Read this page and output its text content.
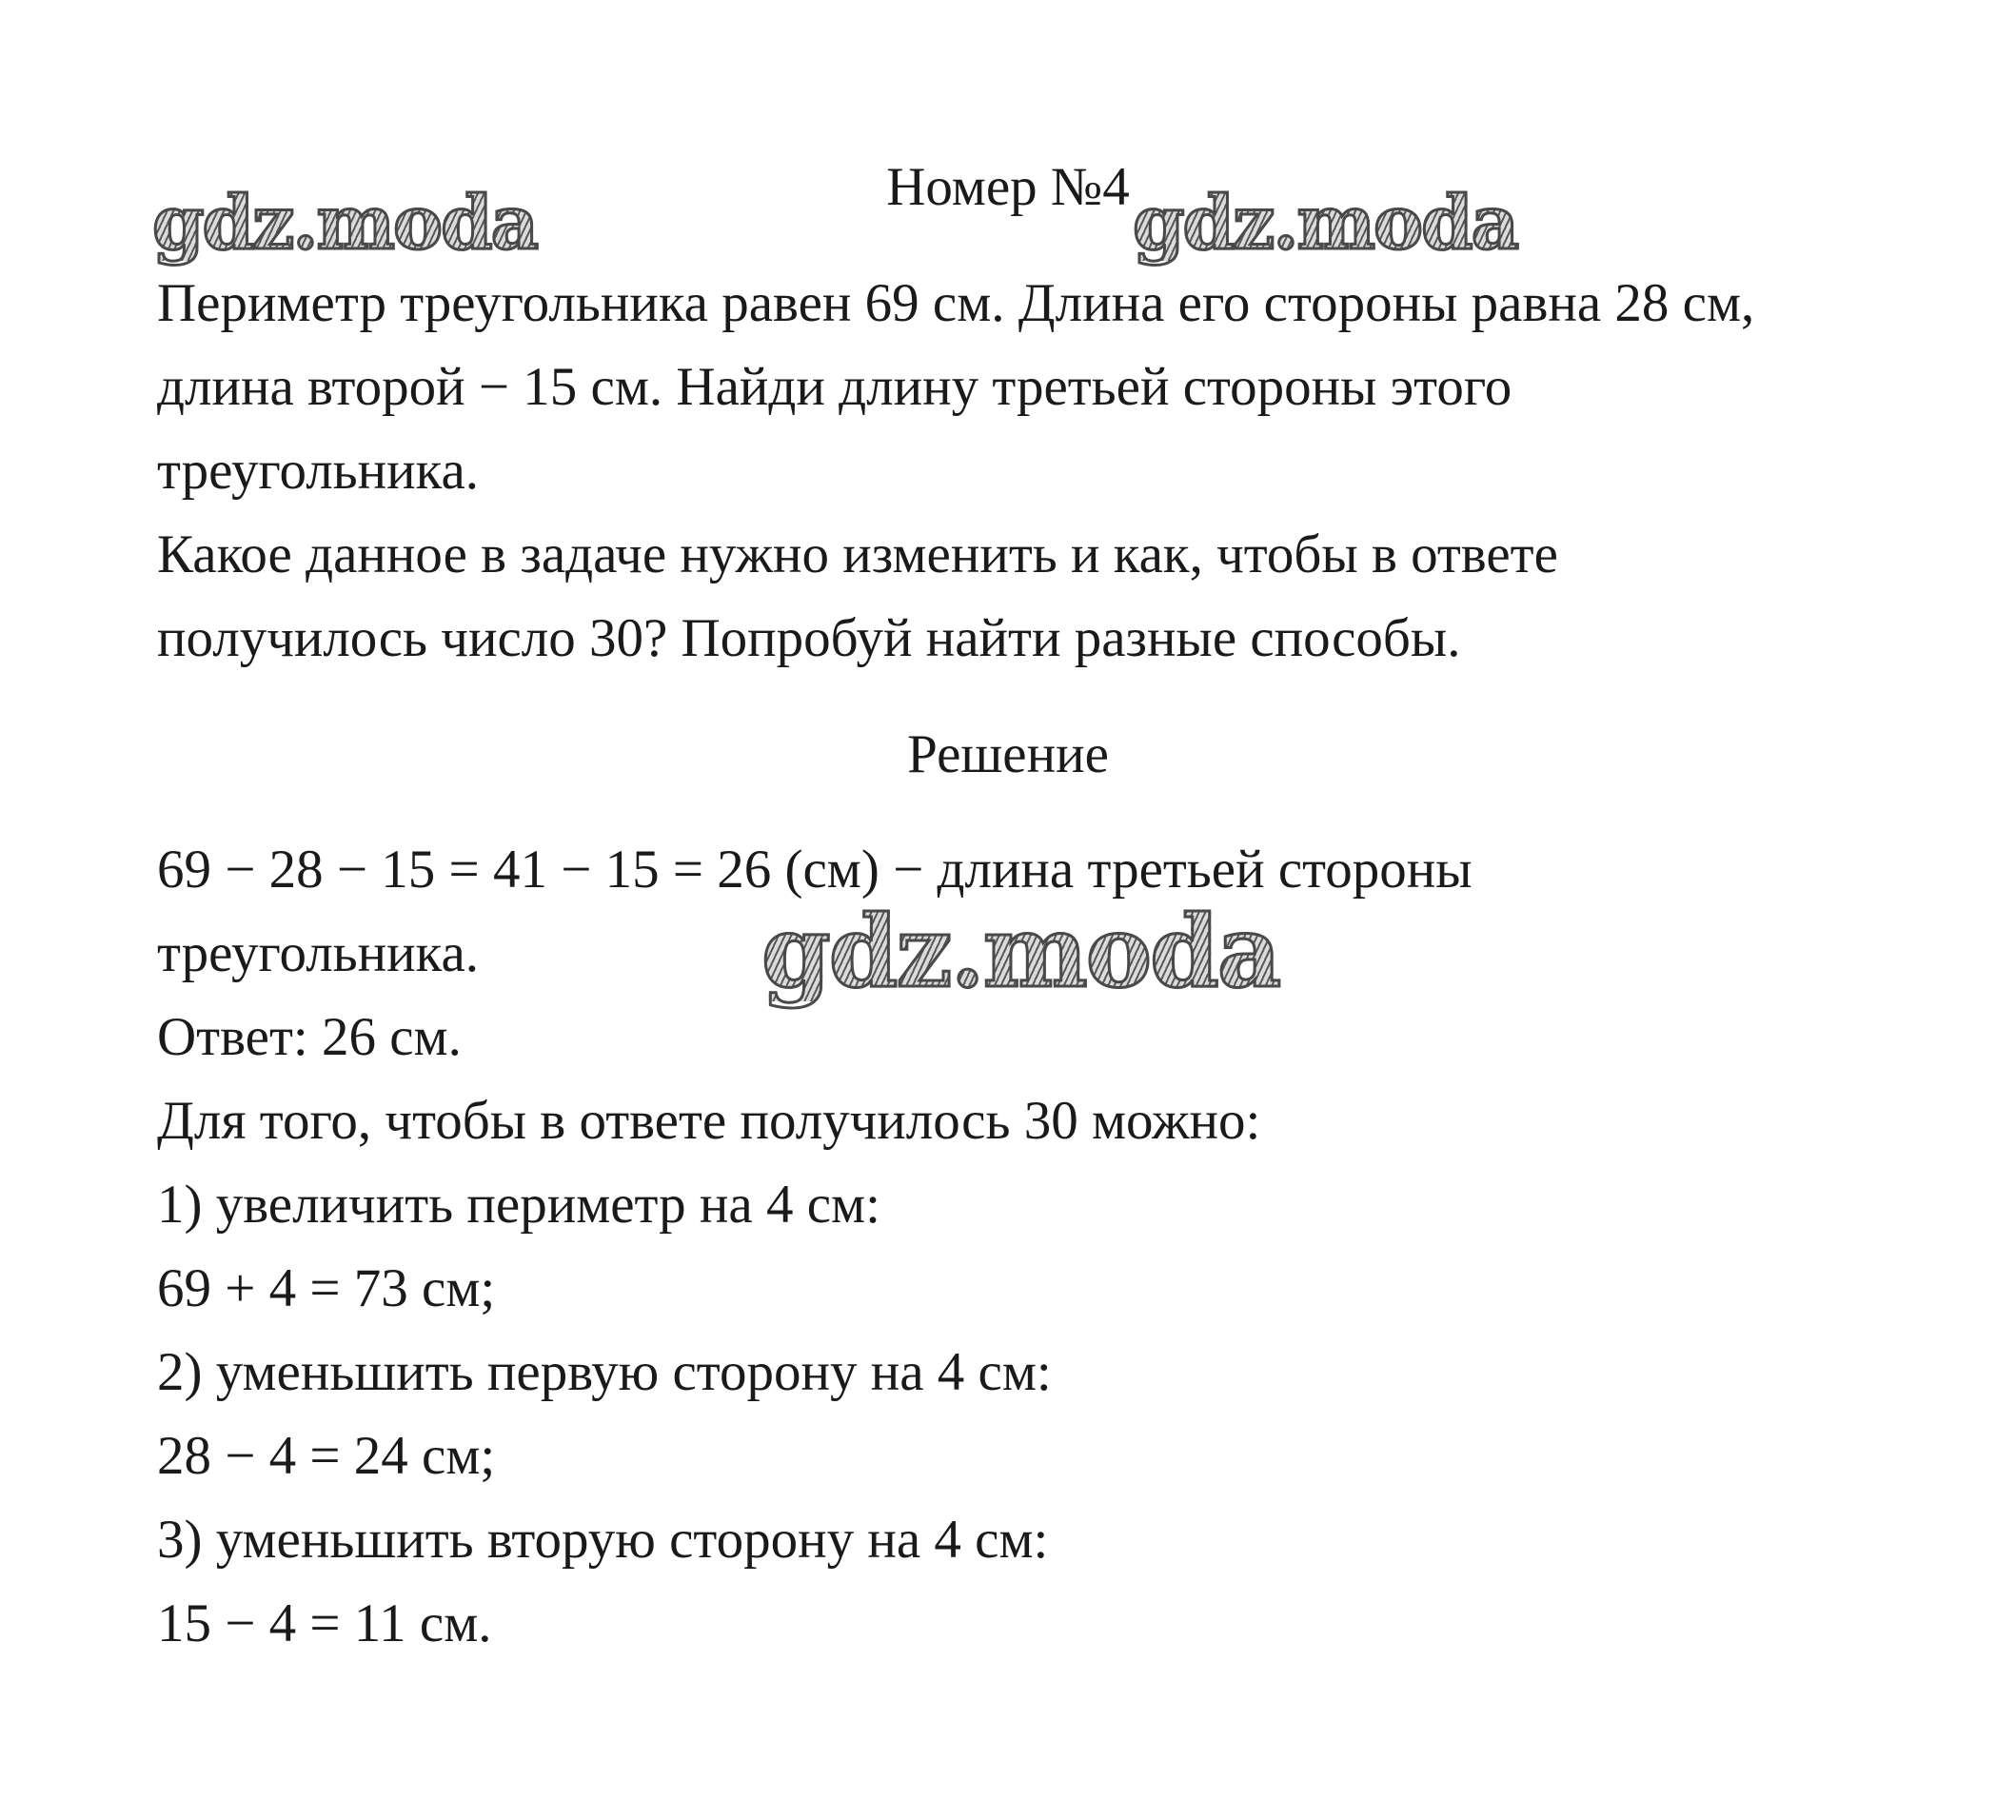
Номер №4
gdz.moda	gdz.moda
Периметр треугольника равен 69 см. Длина его стороны равна 28 см,
длина второй − 15 см. Найди длину третьей стороны этого
треугольника.
Какое данное в задаче нужно изменить и как, чтобы в ответе
получилось число 30? Попробуй найти разные способы.
Решение
69 − 28 − 15 = 41 − 15 = 26 (см) − длина третьей стороны
треугольника.	gdz.moda
Ответ: 26 см.
Для того, чтобы в ответе получилось 30 можно:
1) увеличить периметр на 4 см:
69 + 4 = 73 см;
2) уменьшить первую сторону на 4 см:
28 − 4 = 24 см;
3) уменьшить вторую сторону на 4 см:
15 − 4 = 11 см.
